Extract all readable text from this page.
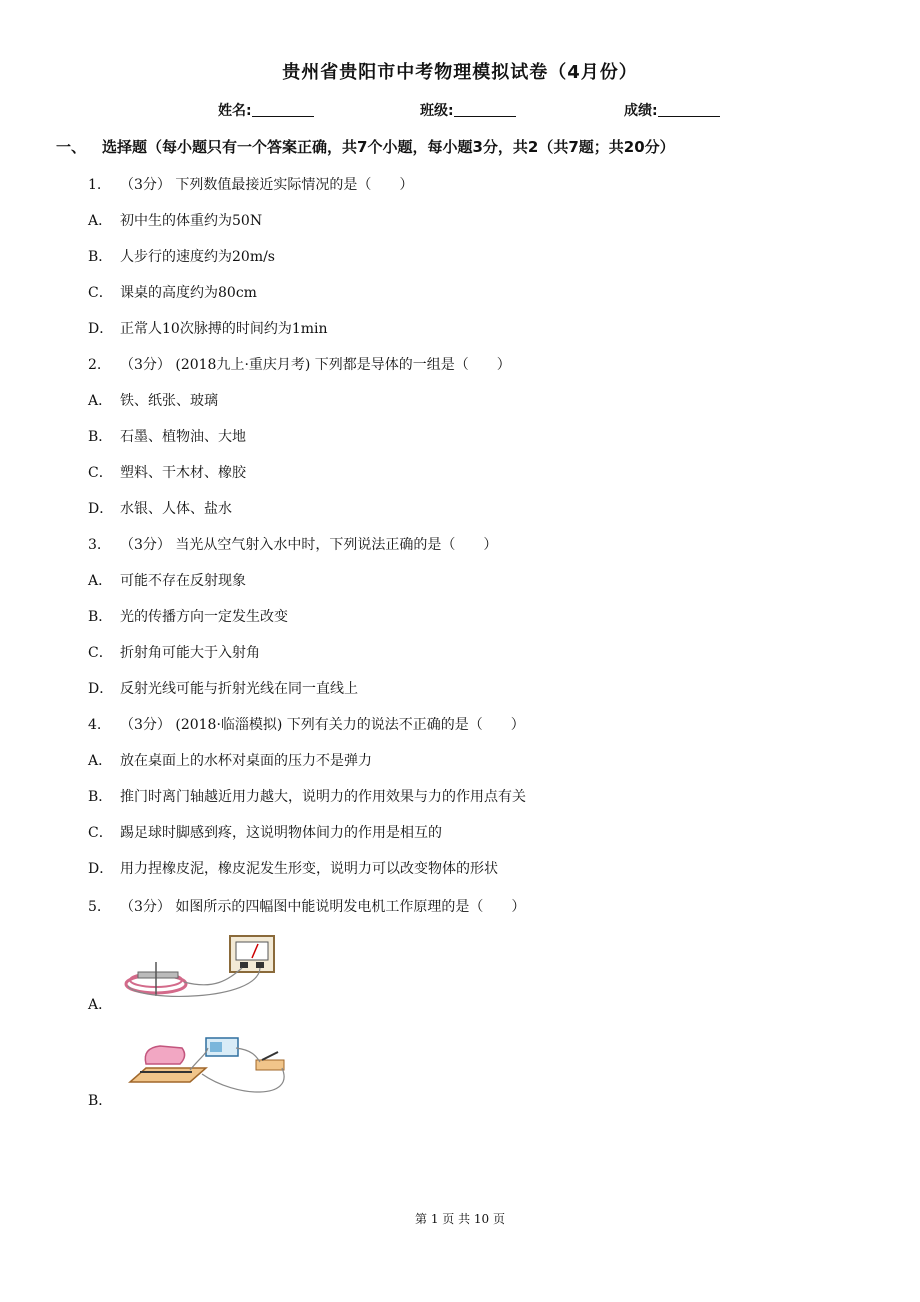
贵州省贵阳市中考物理模拟试卷（4月份）
姓名:	班级:	成绩:
一、 选择题（每小题只有一个答案正确，共7个小题，每小题3分，共2（共7题；共20分）
1. （3分） 下列数值最接近实际情况的是（　　）
A． 初中生的体重约为50N
B． 人步行的速度约为20m/s
C． 课桌的高度约为80cm
D． 正常人10次脉搏的时间约为1min
2. （3分） (2018九上·重庆月考) 下列都是导体的一组是（　　）
A． 铁、纸张、玻璃
B． 石墨、植物油、大地
C． 塑料、干木材、橡胶
D． 水银、人体、盐水
3. （3分） 当光从空气射入水中时，下列说法正确的是（　　）
A． 可能不存在反射现象
B． 光的传播方向一定发生改变
C． 折射角可能大于入射角
D． 反射光线可能与折射光线在同一直线上
4. （3分） (2018·临淄模拟) 下列有关力的说法不正确的是（　　）
A． 放在桌面上的水杯对桌面的压力不是弹力
B． 推门时离门轴越近用力越大，说明力的作用效果与力的作用点有关
C． 踢足球时脚感到疼，这说明物体间力的作用是相互的
D． 用力捏橡皮泥，橡皮泥发生形变，说明力可以改变物体的形状
5. （3分） 如图所示的四幅图中能说明发电机工作原理的是（　　）
A．
B．
第 1 页 共 10 页
